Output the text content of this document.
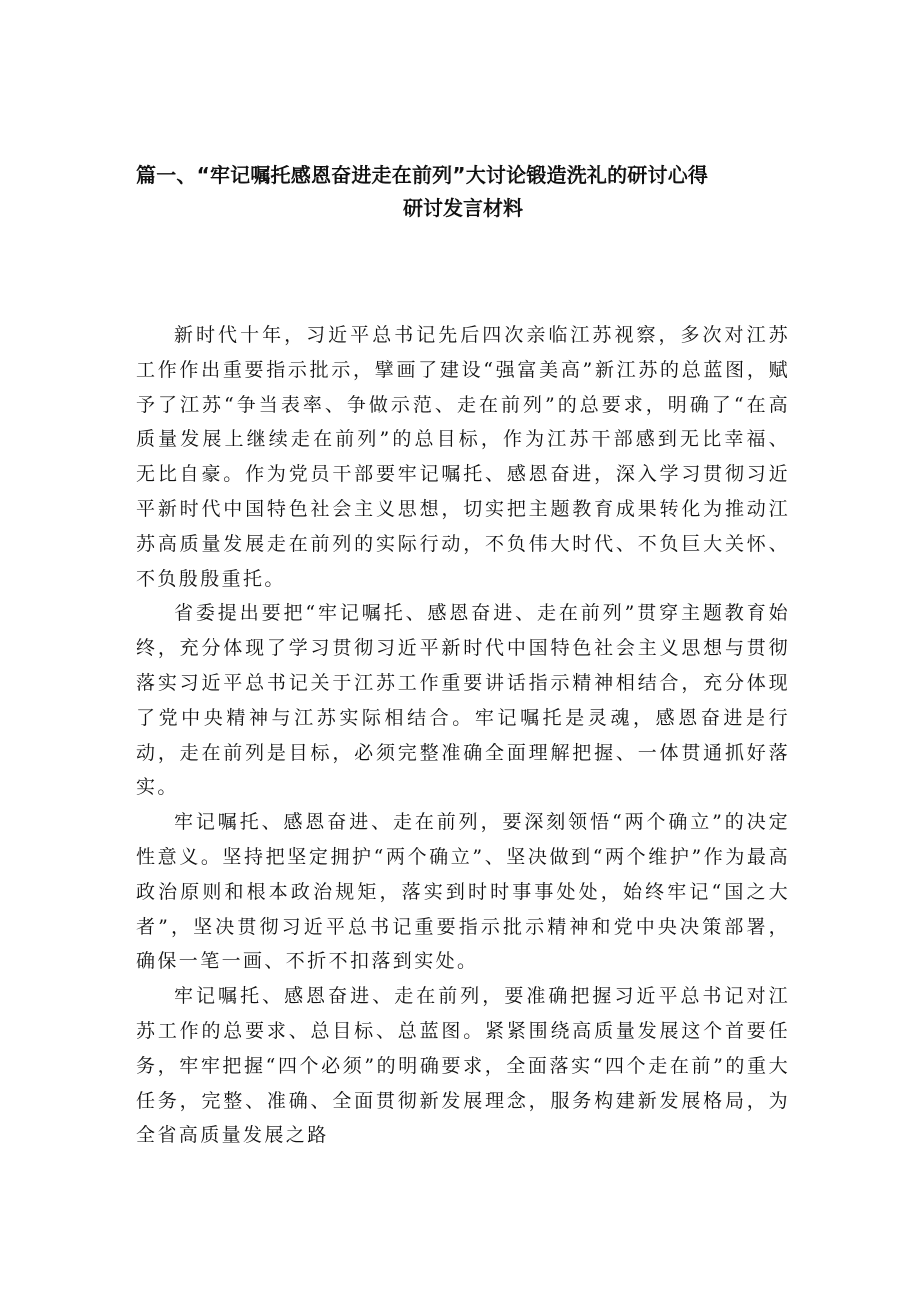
篇一、“牢记嘱托感恩奋进走在前列”大讨论锻造洗礼的研讨心得
研讨发言材料

新时代十年，习近平总书记先后四次亲临江苏视察，多次对江苏工作作出重要指示批示，擘画了建设“强富美高”新江苏的总蓝图，赋予了江苏“争当表率、争做示范、走在前列”的总要求，明确了“在高质量发展上继续走在前列”的总目标，作为江苏干部感到无比幸福、无比自豪。作为党员干部要牢记嘱托、感恩奋进，深入学习贯彻习近平新时代中国特色社会主义思想，切实把主题教育成果转化为推动江苏高质量发展走在前列的实际行动，不负伟大时代、不负巨大关怀、不负殷殷重托。

省委提出要把“牢记嘱托、感恩奋进、走在前列”贯穿主题教育始终，充分体现了学习贯彻习近平新时代中国特色社会主义思想与贯彻落实习近平总书记关于江苏工作重要讲话指示精神相结合，充分体现了党中央精神与江苏实际相结合。牢记嘱托是灵魂，感恩奋进是行动，走在前列是目标，必须完整准确全面理解把握、一体贯通抓好落实。

牢记嘱托、感恩奋进、走在前列，要深刻领悟“两个确立”的决定性意义。坚持把坚定拥护“两个确立”、坚决做到“两个维护”作为最高政治原则和根本政治规矩，落实到时时事事处处，始终牢记“国之大者”，坚决贯彻习近平总书记重要指示批示精神和党中央决策部署，确保一笔一画、不折不扣落到实处。

牢记嘱托、感恩奋进、走在前列，要准确把握习近平总书记对江苏工作的总要求、总目标、总蓝图。紧紧围绕高质量发展这个首要任务，牢牢把握“四个必须”的明确要求，全面落实“四个走在前”的重大任务，完整、准确、全面贯彻新发展理念，服务构建新发展格局，为全省高质量发展之路
